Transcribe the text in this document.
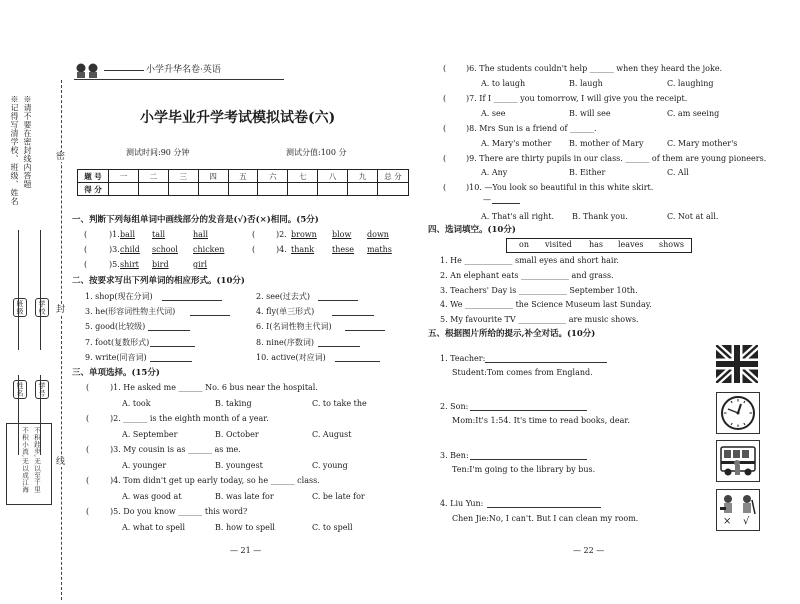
※请不要在密封线内答题
※记得写清学校、班级、姓名
班级	学校
姓名	学号
不积跬步,无以至千里
不积小流,无以成江海
密
封
线
小学升华名卷·英语
小学毕业升学考试模拟试卷(六)
测试时间:90 分钟	测试分值:100 分
题 号	一	二	三	四	五	六	七	八	九	总 分
得 分										
一、判断下列每组单词中画线部分的发音是(√)否(×)相同。(5分)
(	)1. ball tall	hall	(	)2. brown blow down
(	)3. child school chicken	(	)4. thank these maths
(	)5. shirt bird	girl
二、按要求写出下列单词的相应形式。(10分)
1. shop(现在分词)	2. see(过去式)
3. he(形容词性物主代词)	4. fly(单三形式)
5. good(比较级)	6. I(名词性物主代词)
7. foot(复数形式)	8. nine(序数词)
9. write(同音词)	10. active(对应词)
三、单项选择。(15分)
(	)1. He asked me ______ No. 6 bus near the hospital.
A. took	B. taking	C. to take the
(	)2. ______ is the eighth month of a year.
A. September	B. October	C. August
(	)3. My cousin is as ______ as me.
A. younger	B. youngest	C. young
(	)4. Tom didn't get up early today, so he ______ class.
A. was good at	B. was late for	C. be late for
(	)5. Do you know ______ this word?
A. what to spell	B. how to spell	C. to spell
— 21 —
( )6. The students couldn't help ______ when they heard the joke.
A. to laugh	B. laugh	C. laughing
( )7. If I ______ you tomorrow, I will give you the receipt.
A. see	B. will see	C. am seeing
( )8. Mrs Sun is a friend of ______.
A. Mary's mother B. mother of Mary	C. Mary mother's
( )9. There are thirty pupils in our class. ______ of them are young pioneers.
A. Any	B. Either	C. All
( )10. —You look so beautiful in this white skirt.
—
A. That's all right. B. Thank you.	C. Not at all.
四、选词填空。(10分)
on visited has leaves shows
1. He ____________ small eyes and short hair.
2. An elephant eats ____________ and grass.
3. Teachers' Day is ____________ September 10th.
4. We ____________ the Science Museum last Sunday.
5. My favourite TV ____________ are music shows.
五、根据图片所给的提示,补全对话。(10分)
1. Teacher:
Student:Tom comes from England.
2. Son:
Mom:It's 1:54. It's time to read books, dear.
3. Ben:
Ten:I'm going to the library by bus.
4. Liu Yun:
Chen Jie:No, I can't. But I can clean my room.	× √
— 22 —
